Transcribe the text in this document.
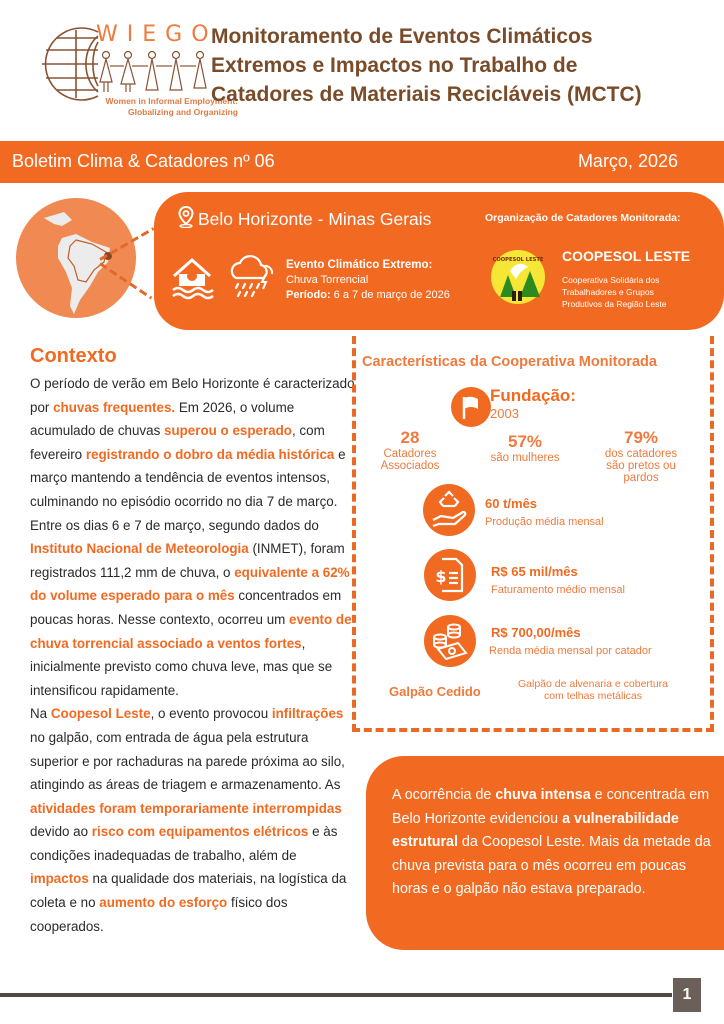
WIEGO
Women in Informal Employment:
Globalizing and Organizing
Monitoramento de Eventos Climáticos
Extremos e Impactos no Trabalho de
Catadores de Materiais Recicláveis (MCTC)
Boletim Clima & Catadores nº 06	Março, 2026
Belo Horizonte - Minas Gerais
Evento Climático Extremo:
Chuva Torrencial
Período: 6 a 7 de março de 2026
Organização de Catadores Monitorada:
COOPESOL LESTE COOPESOL LESTE
Cooperativa Solidária dos
Trabalhadores e Grupos
Produtivos da Região Leste
Contexto

O período de verão em Belo Horizonte é caracterizado por chuvas frequentes. Em 2026, o volume acumulado de chuvas superou o esperado, com fevereiro registrando o dobro da média histórica e março mantendo a tendência de eventos intensos, culminando no episódio ocorrido no dia 7 de março.

Entre os dias 6 e 7 de março, segundo dados do Instituto Nacional de Meteorologia (INMET), foram registrados 111,2 mm de chuva, o equivalente a 62% do volume esperado para o mês concentrados em poucas horas. Nesse contexto, ocorreu um evento de chuva torrencial associado a ventos fortes, inicialmente previsto como chuva leve, mas que se intensificou rapidamente.

Na Coopesol Leste, o evento provocou infiltrações no galpão, com entrada de água pela estrutura superior e por rachaduras na parede próxima ao silo, atingindo as áreas de triagem e armazenamento. As atividades foram temporariamente interrompidas devido ao risco com equipamentos elétricos e às condições inadequadas de trabalho, além de impactos na qualidade dos materiais, na logística da coleta e no aumento do esforço físico dos cooperados.

Características da Cooperativa Monitorada
Fundação:
2003
28
Catadores
Associados
57%
são mulheres
79%
dos catadores
são pretos ou
pardos
60 t/mês
Produção média mensal
$	R$ 65 mil/mês
Faturamento médio mensal
R$ 700,00/mês
Renda média mensal por catador
Galpão Cedido	Galpão de alvenaria e cobertura
com telhas metálicas
A ocorrência de chuva intensa e concentrada em Belo Horizonte evidenciou a vulnerabilidade estrutural da Coopesol Leste. Mais da metade da chuva prevista para o mês ocorreu em poucas horas e o galpão não estava preparado.
1
